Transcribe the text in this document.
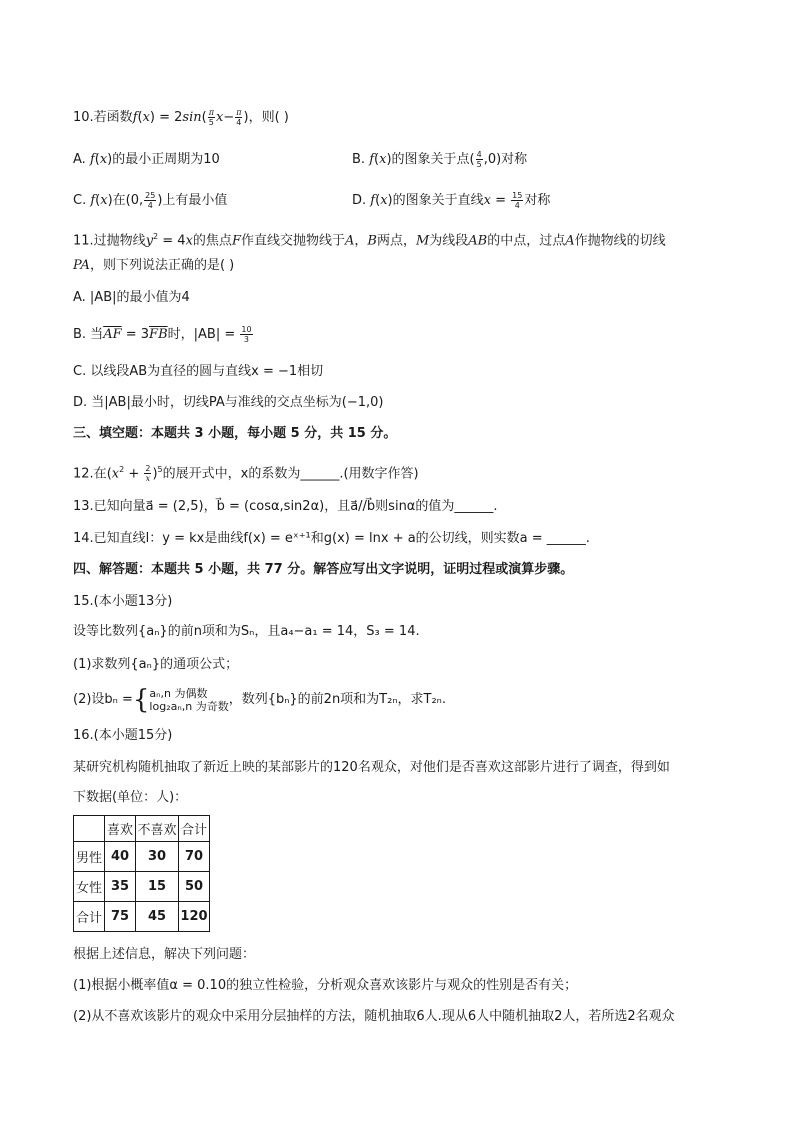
10.若函数$f(x) = 2\sin( \frac{\pi}{5} x- \frac{\pi}{4}$ )，则( )
A. f(x)的最小正周期为10	B. f(x)的图象关于点( $\frac{4}{5} ,0$)对称
C. f(x)在(0, $\frac{25}{4}$ )上有最小值	D. f(x)的图象关于直线$x = \frac{15}{4}$ 对称
11.过抛物线$y^2 = 4x$的焦点F作直线交抛物线于A，B两点，M为线段AB的中点，过点A作抛物线的切线
PA，则下列说法正确的是( )
A. |AB|的最小值为4
B. 当$\overline{AF} = 3\overline{FB}$时，$|AB| = \frac{10}{3}$
C. 以线段AB为直径的圆与直线x = −1相切
D. 当|AB|最小时，切线PA与准线的交点坐标为(−1,0)
三、填空题：本题共 3 小题，每小题 5 分，共 15 分。
12.在$(x^2 + \frac{2}{x} )^5$的展开式中，x的系数为______.(用数字作答)
13.已知向量a⃗ = (2,5)，b⃗ = (cosα,sin2α)，且a⃗//b⃗则sinα的值为______.
14.已知直线l：y = kx是曲线f(x) = eˣ⁺¹和g(x) = lnx + a的公切线，则实数a = ______.
四、解答题：本题共 5 小题，共 77 分。解答应写出文字说明，证明过程或演算步骤。
15.(本小题13分)
设等比数列{aₙ}的前n项和为Sₙ，且a₄−a₁ = 14，S₃ = 14.
(1)求数列{aₙ}的通项公式；
(2)设bₙ ={ aₙ,n 为偶数
log₂aₙ,n 为奇数 ，数列{bₙ}的前2n项和为T₂ₙ，求T₂ₙ.
16.(本小题15分)
某研究机构随机抽取了新近上映的某部影片的120名观众，对他们是否喜欢这部影片进行了调查，得到如
下数据(单位：人)：
	喜欢	不喜欢	合计
男性	40	30	70
女性	35	15	50
合计	75	45	120
根据上述信息，解决下列问题：
(1)根据小概率值α = 0.10的独立性检验，分析观众喜欢该影片与观众的性别是否有关；
(2)从不喜欢该影片的观众中采用分层抽样的方法，随机抽取6人.现从6人中随机抽取2人，若所选2名观众
